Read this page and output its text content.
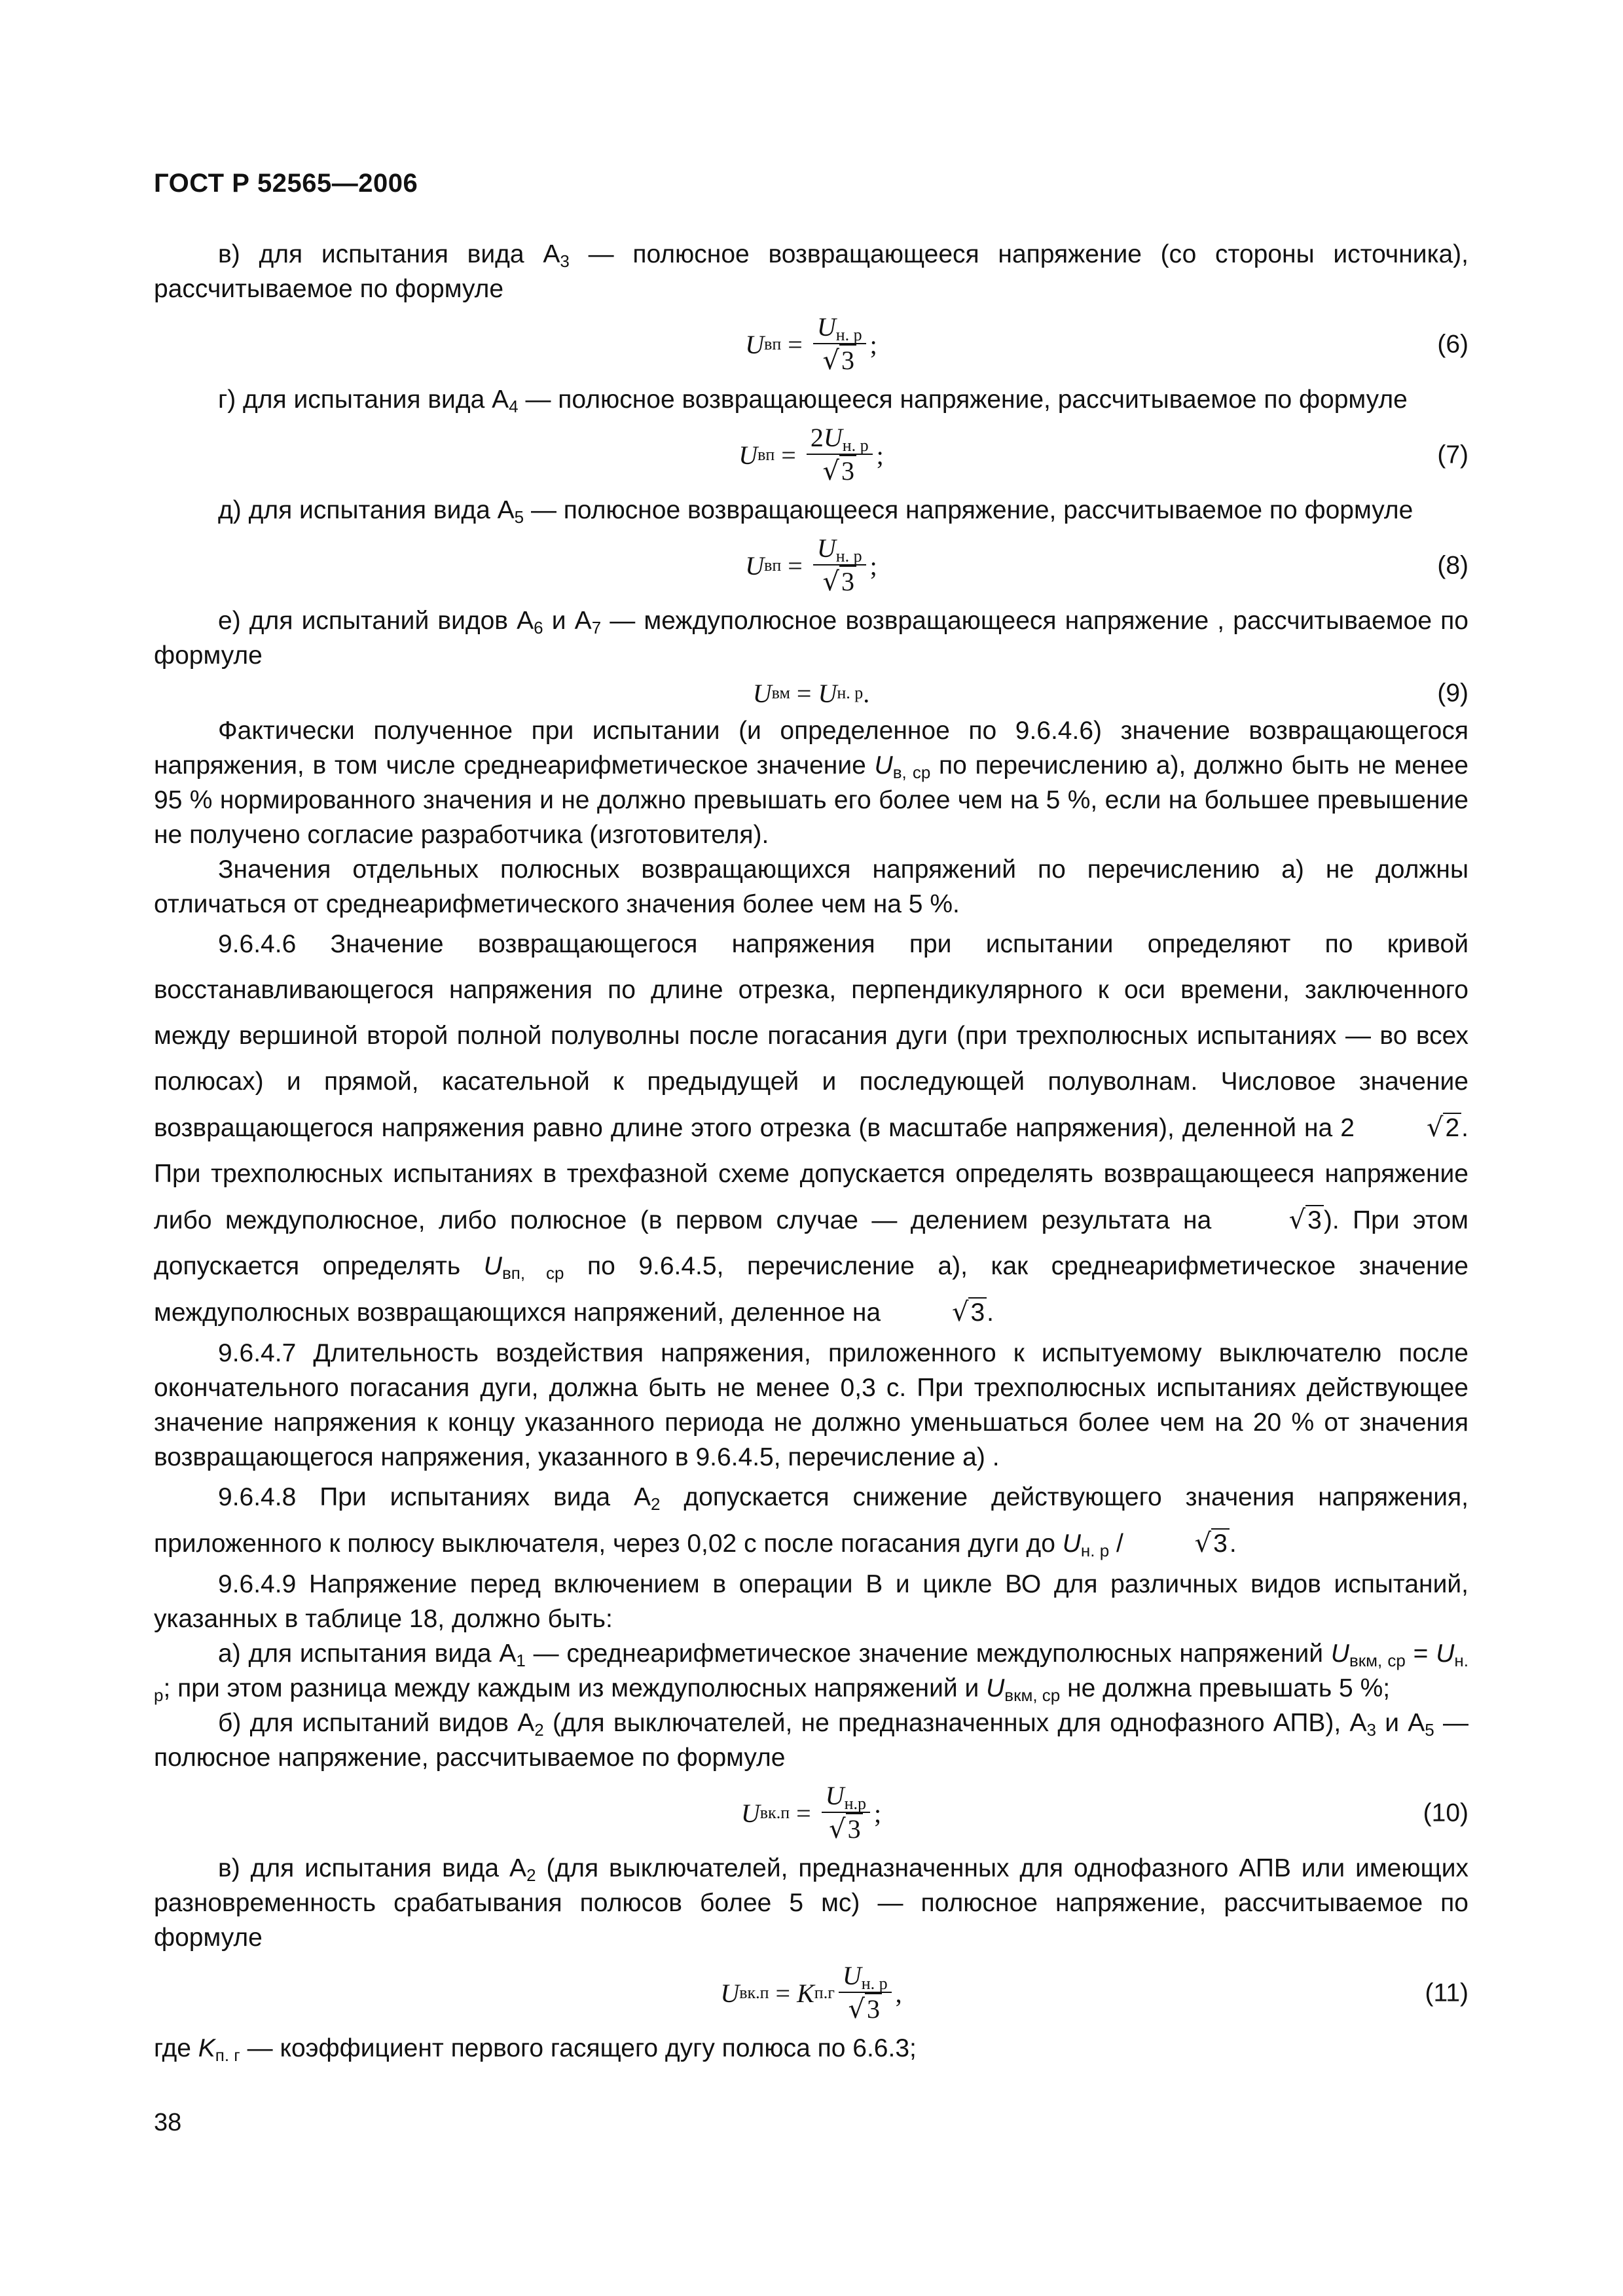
ГОСТ Р 52565—2006

в) для испытания вида $А_3$ — полюсное возвращающееся напряжение (со стороны источника), рассчитываемое по формуле

U вп = $\frac{U_{н. р}}{√3}$ ;	(6)

г) для испытания вида $А_4$ — полюсное возвращающееся напряжение, рассчитываемое по формуле

U вп = $\frac{2U_{н. р}}{√3}$ ;	(7)

д) для испытания вида $А_5$ — полюсное возвращающееся напряжение, рассчитываемое по формуле

U вп = $\frac{U_{н. р}}{√3}$ ;	(8)

е) для испытаний видов $А_6$ и $А_7$ — междуполюсное возвращающееся напряжение , рассчитываемое по формуле

U вм = U н. р .	(9)

Фактически полученное при испытании (и определенное по 9.6.4.6) значение возвращающегося напряжения, в том числе среднеарифметическое значение $U_{в, ср}$ по перечислению а), должно быть не менее 95 % нормированного значения и не должно превышать его более чем на 5 %, если на большее превышение не получено согласие разработчика (изготовителя).

Значения отдельных полюсных возвращающихся напряжений по перечислению а) не должны отличаться от среднеарифметического значения более чем на 5 %.

9.6.4.6 Значение возвращающегося напряжения при испытании определяют по кривой восстанавливающегося напряжения по длине отрезка, перпендикулярного к оси времени, заключенного между вершиной второй полной полуволны после погасания дуги (при трехполюсных испытаниях — во всех полюсах) и прямой, касательной к предыдущей и последующей полуволнам. Числовое значение возвращающегося напряжения равно длине этого отрезка (в масштабе напряжения), деленной на 2 √2. При трехполюсных испытаниях в трехфазной схеме допускается определять возвращающееся напряжение либо междуполюсное, либо полюсное (в первом случае — делением результата на √3). При этом допускается определять $U_{вп, ср}$ по 9.6.4.5, перечисление а), как среднеарифметическое значение междуполюсных возвращающихся напряжений, деленное на √3.

9.6.4.7 Длительность воздействия напряжения, приложенного к испытуемому выключателю после окончательного погасания дуги, должна быть не менее 0,3 с. При трехполюсных испытаниях действующее значение напряжения к концу указанного периода не должно уменьшаться более чем на 20 % от значения возвращающегося напряжения, указанного в 9.6.4.5, перечисление а) .

9.6.4.8 При испытаниях вида $А_2$ допускается снижение действующего значения напряжения, приложенного к полюсу выключателя, через 0,02 с после погасания дуги до $U_{н. р} / √3$.

9.6.4.9 Напряжение перед включением в операции В и цикле ВО для различных видов испытаний, указанных в таблице 18, должно быть:

а) для испытания вида $А_1$ — среднеарифметическое значение междуполюсных напряжений $U_{вкм, ср} = U_{н. р}$; при этом разница между каждым из междуполюсных напряжений и $U_{вкм, ср}$ не должна превышать 5 %;

б) для испытаний видов $А_2$ (для выключателей, не предназначенных для однофазного АПВ), $А_3$ и $А_5$ — полюсное напряжение, рассчитываемое по формуле

U $вк.п = \frac{U_{н.р}}{√3}$ ;	(10)

в) для испытания вида $А_2$ (для выключателей, предназначенных для однофазного АПВ или имеющих разновременность срабатывания полюсов более 5 мс) — полюсное напряжение, рассчитываемое по формуле

U вк.п = K $п.г \frac{U_{н. р}}{√3}$ ,	(11)

где $K_{п. г}$ — коэффициент первого гасящего дугу полюса по 6.6.3;

38
